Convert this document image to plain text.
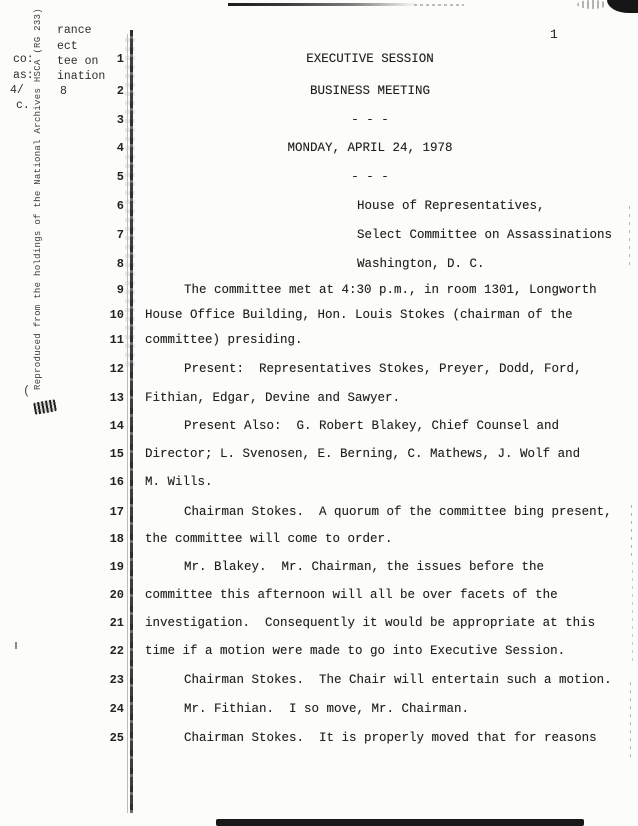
Reproduced from the holdings of the National Archives HSCA (RG 233)
(
rance
ect
tee on
ination
8
co:
as:
4/
c.
1
1	EXECUTIVE SESSION
2	BUSINESS MEETING
3	- - -
4	MONDAY, APRIL 24, 1978
5	- - -
6	House of Representatives,
7	Select Committee on Assassinations
8	Washington, D. C.
9	The committee met at 4:30 p.m., in room 1301, Longworth
10 House Office Building, Hon. Louis Stokes (chairman of the
11 committee) presiding.
12	Present:  Representatives Stokes, Preyer, Dodd, Ford,
13 Fithian, Edgar, Devine and Sawyer.
14	Present Also:  G. Robert Blakey, Chief Counsel and
15 Director; L. Svenosen, E. Berning, C. Mathews, J. Wolf and
16 M. Wills.
17	Chairman Stokes.  A quorum of the committee bing present,
18 the committee will come to order.
19	Mr. Blakey.  Mr. Chairman, the issues before the
20 committee this afternoon will all be over facets of the
21 investigation.  Consequently it would be appropriate at this
22 time if a motion were made to go into Executive Session.
23	Chairman Stokes.  The Chair will entertain such a motion.
24	Mr. Fithian.  I so move, Mr. Chairman.
25	Chairman Stokes.  It is properly moved that for reasons
